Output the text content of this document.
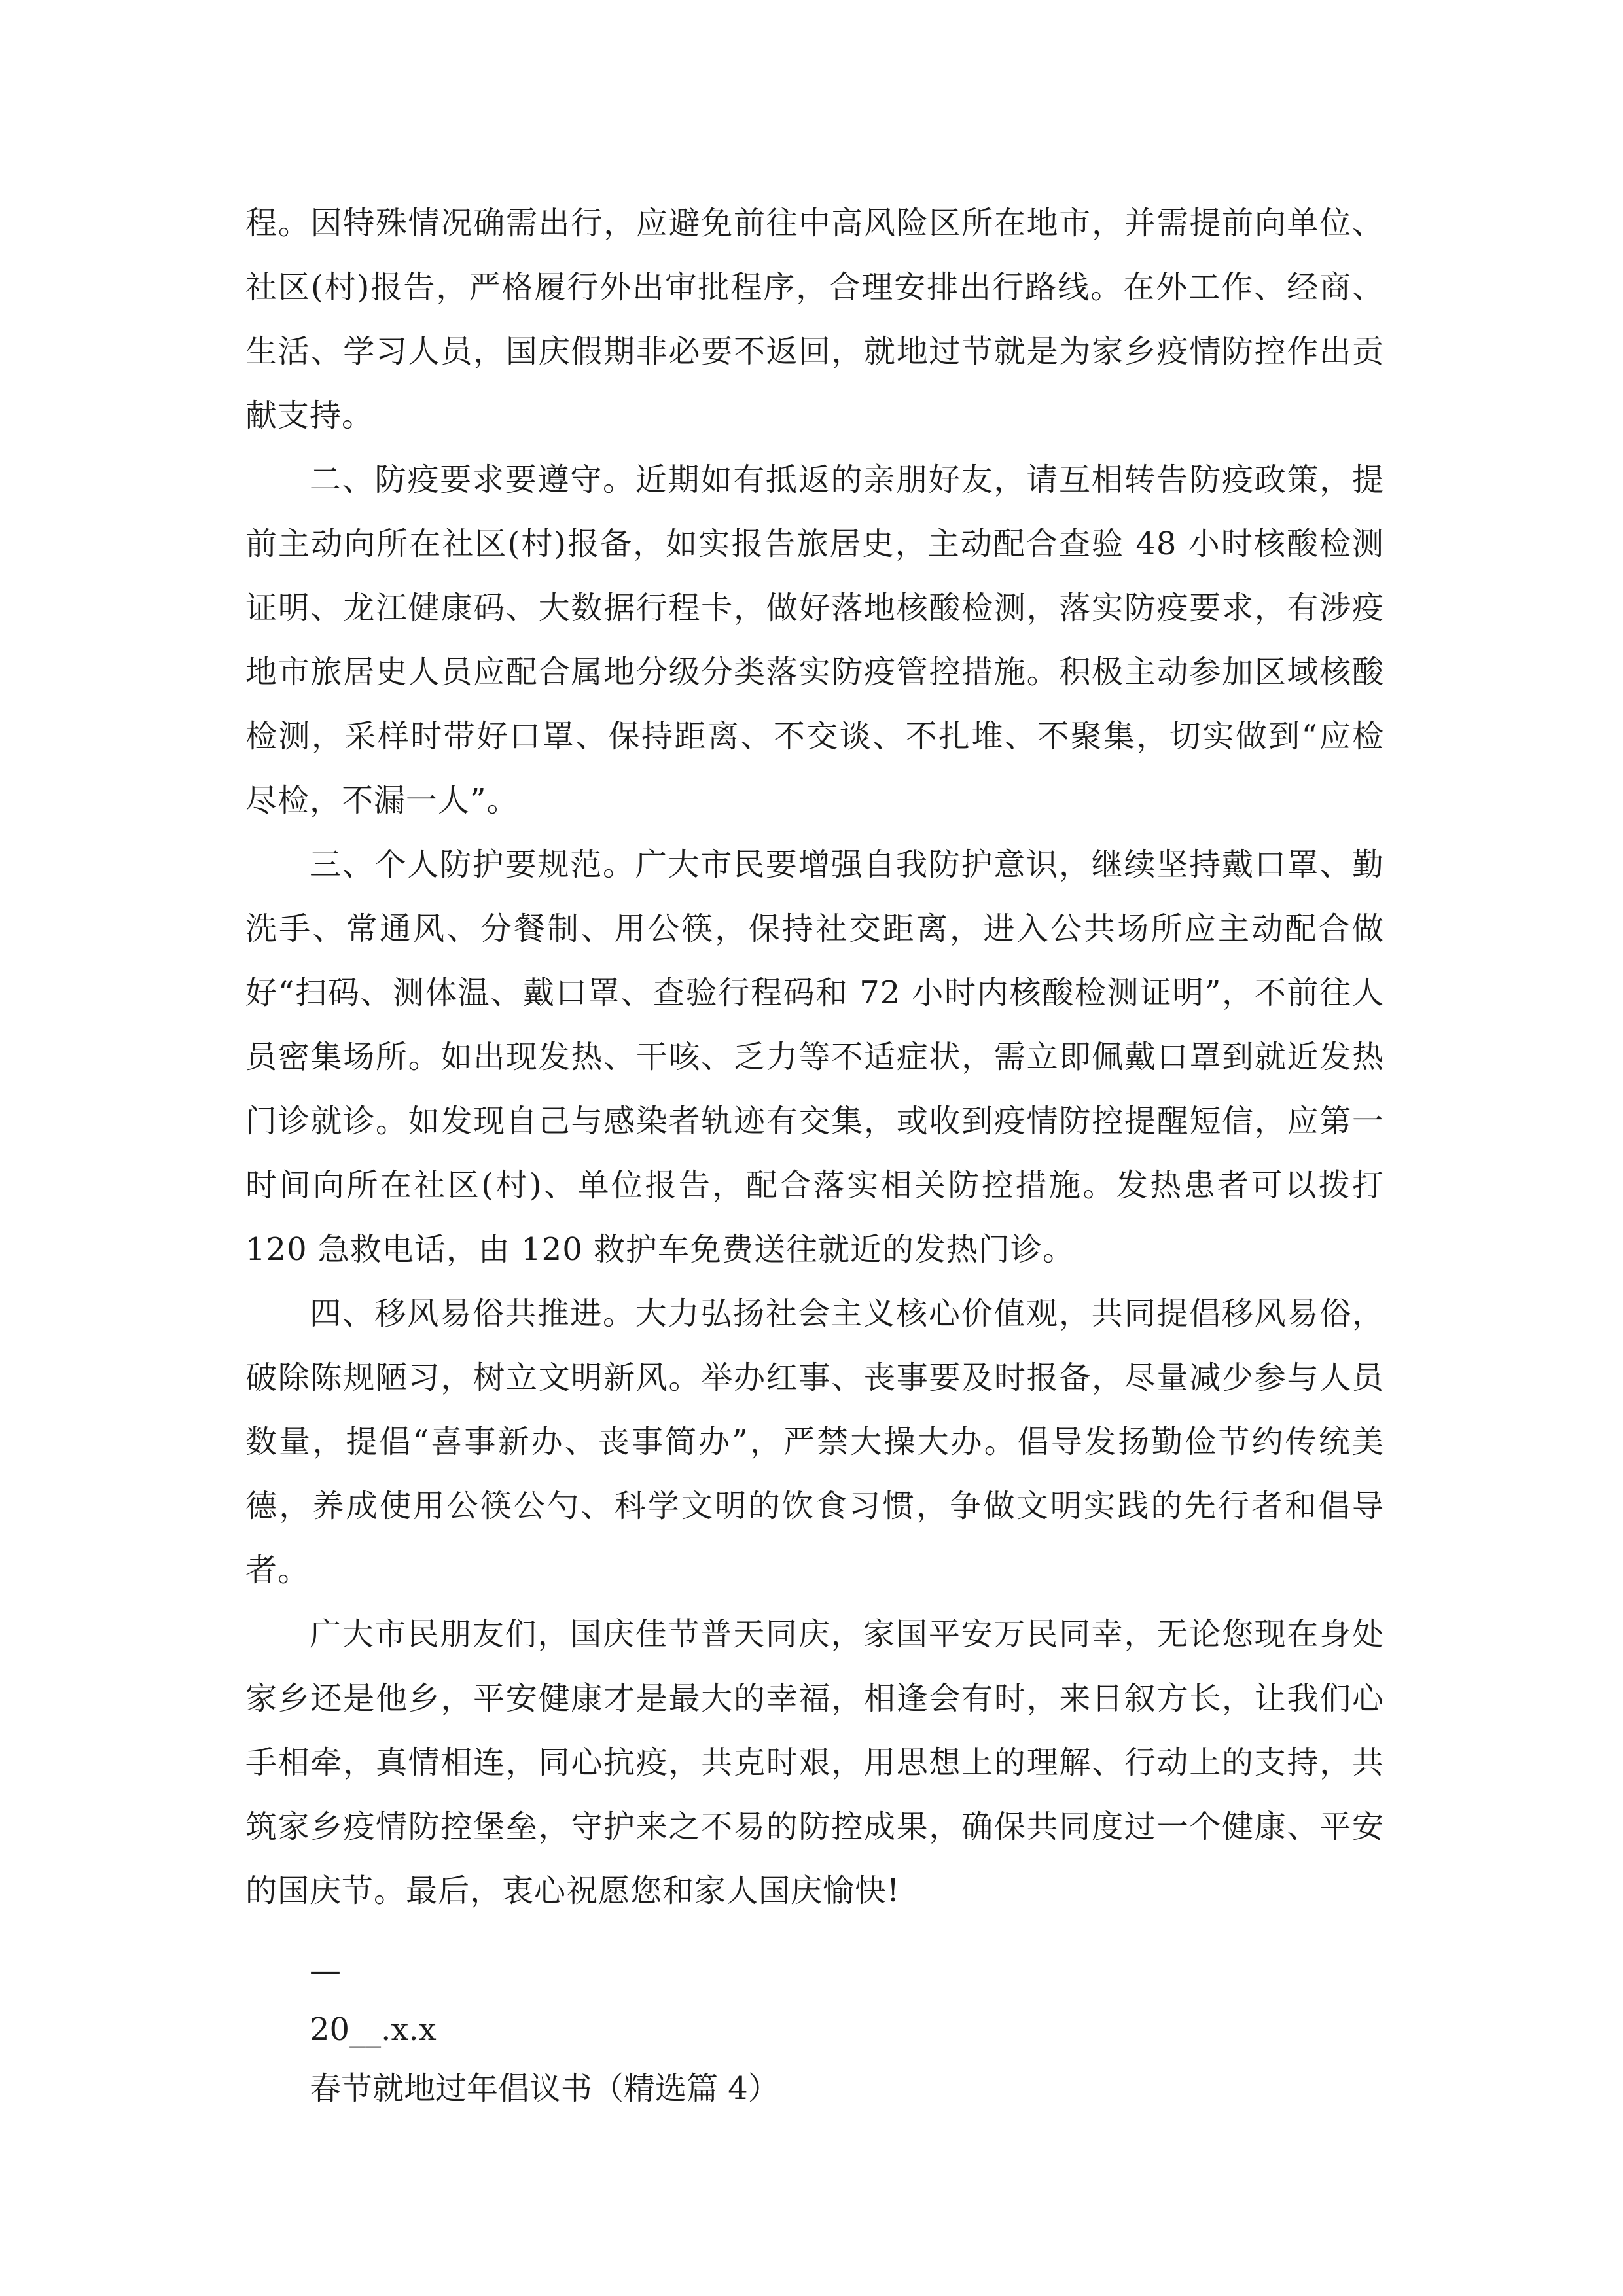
程。因特殊情况确需出行，应避免前往中高风险区所在地市，并需提前向单位、社区(村)报告，严格履行外出审批程序，合理安排出行路线。在外工作、经商、生活、学习人员，国庆假期非必要不返回，就地过节就是为家乡疫情防控作出贡献支持。

二、防疫要求要遵守。近期如有抵返的亲朋好友，请互相转告防疫政策，提前主动向所在社区(村)报备，如实报告旅居史，主动配合查验 48 小时核酸检测证明、龙江健康码、大数据行程卡，做好落地核酸检测，落实防疫要求，有涉疫地市旅居史人员应配合属地分级分类落实防疫管控措施。积极主动参加区域核酸检测，采样时带好口罩、保持距离、不交谈、不扎堆、不聚集，切实做到“应检尽检，不漏一人”。

三、个人防护要规范。广大市民要增强自我防护意识，继续坚持戴口罩、勤洗手、常通风、分餐制、用公筷，保持社交距离，进入公共场所应主动配合做好“扫码、测体温、戴口罩、查验行程码和 72 小时内核酸检测证明”，不前往人员密集场所。如出现发热、干咳、乏力等不适症状，需立即佩戴口罩到就近发热门诊就诊。如发现自己与感染者轨迹有交集，或收到疫情防控提醒短信，应第一时间向所在社区(村)、单位报告，配合落实相关防控措施。发热患者可以拨打 120 急救电话，由 120 救护车免费送往就近的发热门诊。

四、移风易俗共推进。大力弘扬社会主义核心价值观，共同提倡移风易俗，破除陈规陋习，树立文明新风。举办红事、丧事要及时报备，尽量减少参与人员数量，提倡“喜事新办、丧事简办”，严禁大操大办。倡导发扬勤俭节约传统美德，养成使用公筷公勺、科学文明的饮食习惯，争做文明实践的先行者和倡导者。

广大市民朋友们，国庆佳节普天同庆，家国平安万民同幸，无论您现在身处家乡还是他乡，平安健康才是最大的幸福，相逢会有时，来日叙方长，让我们心手相牵，真情相连，同心抗疫，共克时艰，用思想上的理解、行动上的支持，共筑家乡疫情防控堡垒，守护来之不易的防控成果，确保共同度过一个健康、平安的国庆节。最后，衷心祝愿您和家人国庆愉快!

—

20__.x.x

春节就地过年倡议书（精选篇 4）
